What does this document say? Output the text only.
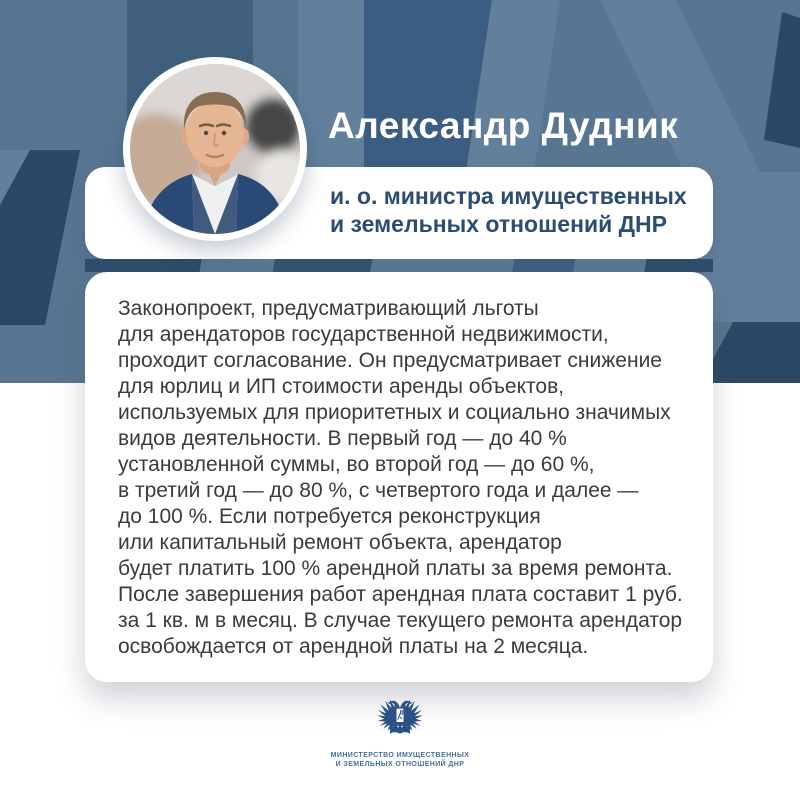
Александр Дудник
и. о. министра имущественных
и земельных отношений ДНР
Законопроект, предусматривающий льготы
для арендаторов государственной недвижимости,
проходит согласование. Он предусматривает снижение
для юрлиц и ИП стоимости аренды объектов,
используемых для приоритетных и социально значимых
видов деятельности. В первый год — до 40 %
установленной суммы, во второй год — до 60 %,
в третий год — до 80 %, с четвертого года и далее —
до 100 %. Если потребуется реконструкция
или капитальный ремонт объекта, арендатор
будет платить 100 % арендной платы за время ремонта.
После завершения работ арендная плата составит 1 руб.
за 1 кв. м в месяц. В случае текущего ремонта арендатор
освобождается от арендной платы на 2 месяца.
МИНИСТЕРСТВО ИМУЩЕСТВЕННЫХ
И ЗЕМЕЛЬНЫХ ОТНОШЕНИЙ ДНР
